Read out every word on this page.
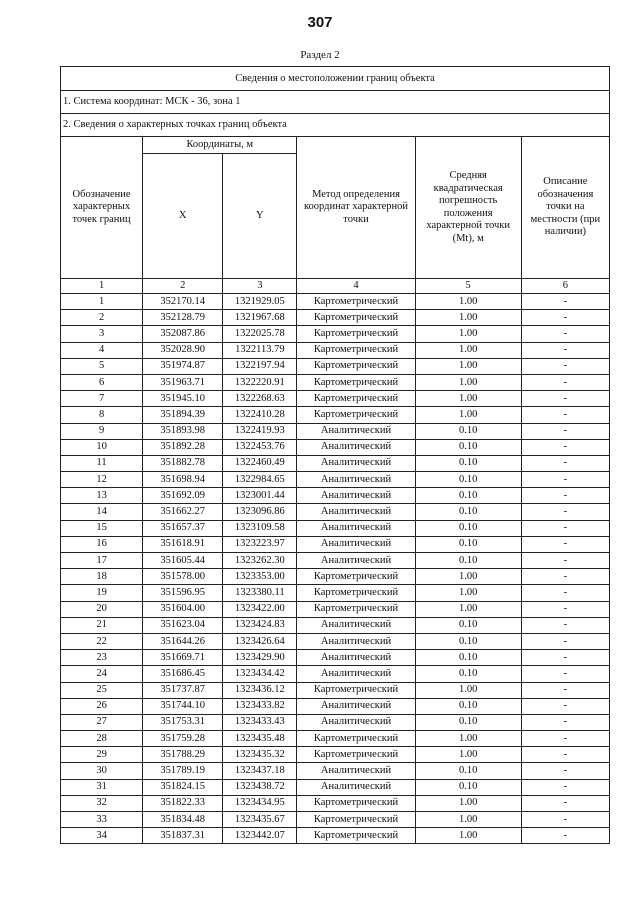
307
Раздел 2
Сведения о местоположении границ объекта					
1. Система координат: МСК - 36, зона 1					
2. Сведения о характерных точках границ объекта					
Обозначение характерных точек границ	Координаты, м		Метод определения координат характерной точки	Средняя квадратическая погрешность положения характерной точки (Mt), м	Описание обозначения точки на местности (при наличии)
	X	Y			
1	2	3	4	5	6
1	352170.14	1321929.05	Картометрический	1.00	-
2	352128.79	1321967.68	Картометрический	1.00	-
3	352087.86	1322025.78	Картометрический	1.00	-
4	352028.90	1322113.79	Картометрический	1.00	-
5	351974.87	1322197.94	Картометрический	1.00	-
6	351963.71	1322220.91	Картометрический	1.00	-
7	351945.10	1322268.63	Картометрический	1.00	-
8	351894.39	1322410.28	Картометрический	1.00	-
9	351893.98	1322419.93	Аналитический	0.10	-
10	351892.28	1322453.76	Аналитический	0.10	-
11	351882.78	1322460.49	Аналитический	0.10	-
12	351698.94	1322984.65	Аналитический	0.10	-
13	351692.09	1323001.44	Аналитический	0.10	-
14	351662.27	1323096.86	Аналитический	0.10	-
15	351657.37	1323109.58	Аналитический	0.10	-
16	351618.91	1323223.97	Аналитический	0.10	-
17	351605.44	1323262.30	Аналитический	0.10	-
18	351578.00	1323353.00	Картометрический	1.00	-
19	351596.95	1323380.11	Картометрический	1.00	-
20	351604.00	1323422.00	Картометрический	1.00	-
21	351623.04	1323424.83	Аналитический	0.10	-
22	351644.26	1323426.64	Аналитический	0.10	-
23	351669.71	1323429.90	Аналитический	0.10	-
24	351686.45	1323434.42	Аналитический	0.10	-
25	351737.87	1323436.12	Картометрический	1.00	-
26	351744.10	1323433.82	Аналитический	0.10	-
27	351753.31	1323433.43	Аналитический	0.10	-
28	351759.28	1323435.48	Картометрический	1.00	-
29	351788.29	1323435.32	Картометрический	1.00	-
30	351789.19	1323437.18	Аналитический	0.10	-
31	351824.15	1323438.72	Аналитический	0.10	-
32	351822.33	1323434.95	Картометрический	1.00	-
33	351834.48	1323435.67	Картометрический	1.00	-
34	351837.31	1323442.07	Картометрический	1.00	-
